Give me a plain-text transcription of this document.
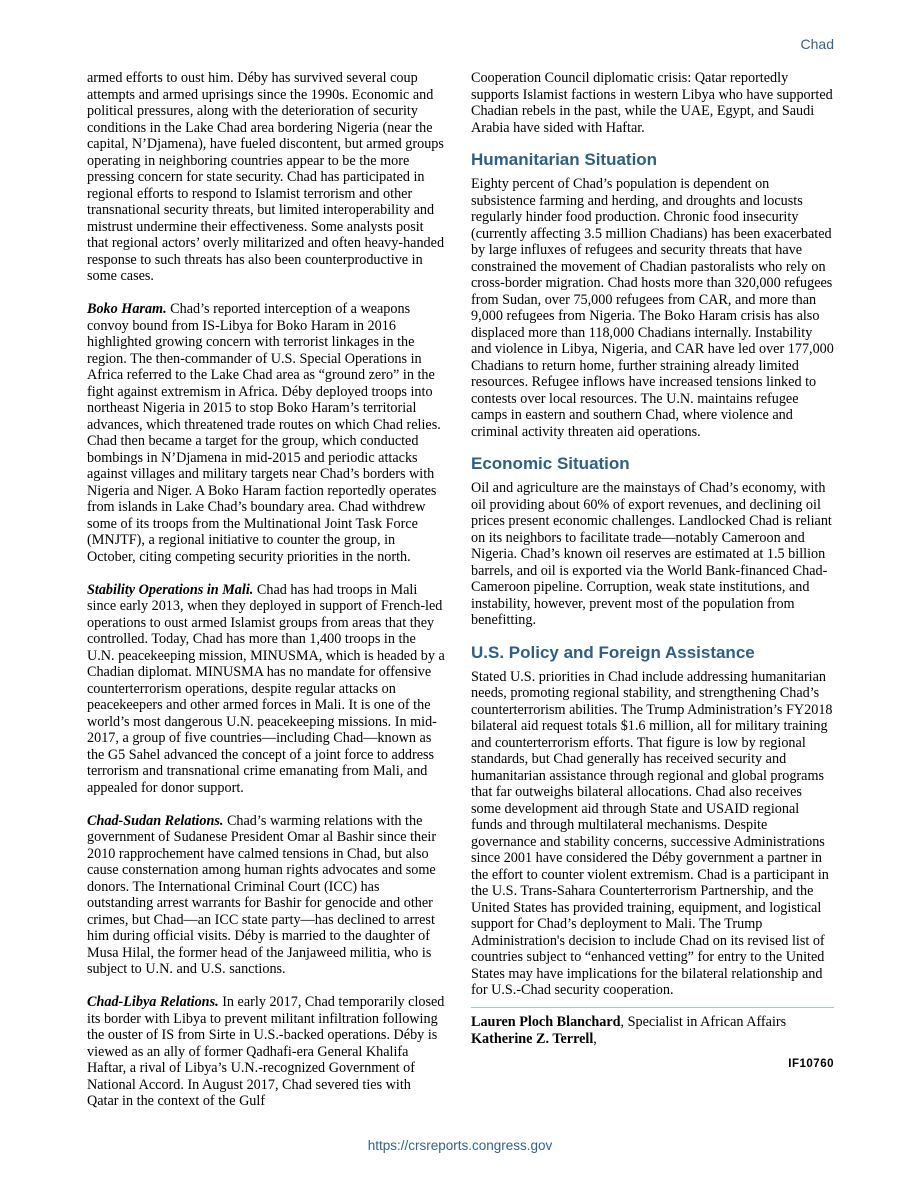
Chad

armed efforts to oust him. Déby has survived several coup attempts and armed uprisings since the 1990s. Economic and political pressures, along with the deterioration of security conditions in the Lake Chad area bordering Nigeria (near the capital, N’Djamena), have fueled discontent, but armed groups operating in neighboring countries appear to be the more pressing concern for state security. Chad has participated in regional efforts to respond to Islamist terrorism and other transnational security threats, but limited interoperability and mistrust undermine their effectiveness. Some analysts posit that regional actors’ overly militarized and often heavy-handed response to such threats has also been counterproductive in some cases.

Boko Haram. Chad’s reported interception of a weapons convoy bound from IS-Libya for Boko Haram in 2016 highlighted growing concern with terrorist linkages in the region. The then-commander of U.S. Special Operations in Africa referred to the Lake Chad area as “ground zero” in the fight against extremism in Africa. Déby deployed troops into northeast Nigeria in 2015 to stop Boko Haram’s territorial advances, which threatened trade routes on which Chad relies. Chad then became a target for the group, which conducted bombings in N’Djamena in mid-2015 and periodic attacks against villages and military targets near Chad’s borders with Nigeria and Niger. A Boko Haram faction reportedly operates from islands in Lake Chad’s boundary area. Chad withdrew some of its troops from the Multinational Joint Task Force (MNJTF), a regional initiative to counter the group, in October, citing competing security priorities in the north.

Stability Operations in Mali. Chad has had troops in Mali since early 2013, when they deployed in support of French-led operations to oust armed Islamist groups from areas that they controlled. Today, Chad has more than 1,400 troops in the U.N. peacekeeping mission, MINUSMA, which is headed by a Chadian diplomat. MINUSMA has no mandate for offensive counterterrorism operations, despite regular attacks on peacekeepers and other armed forces in Mali. It is one of the world’s most dangerous U.N. peacekeeping missions. In mid-2017, a group of five countries—including Chad—known as the G5 Sahel advanced the concept of a joint force to address terrorism and transnational crime emanating from Mali, and appealed for donor support.

Chad-Sudan Relations. Chad’s warming relations with the government of Sudanese President Omar al Bashir since their 2010 rapprochement have calmed tensions in Chad, but also cause consternation among human rights advocates and some donors. The International Criminal Court (ICC) has outstanding arrest warrants for Bashir for genocide and other crimes, but Chad—an ICC state party—has declined to arrest him during official visits. Déby is married to the daughter of Musa Hilal, the former head of the Janjaweed militia, who is subject to U.N. and U.S. sanctions.

Chad-Libya Relations. In early 2017, Chad temporarily closed its border with Libya to prevent militant infiltration following the ouster of IS from Sirte in U.S.-backed operations. Déby is viewed as an ally of former Qadhafi-era General Khalifa Haftar, a rival of Libya’s U.N.-recognized Government of National Accord. In August 2017, Chad severed ties with Qatar in the context of the Gulf

Cooperation Council diplomatic crisis: Qatar reportedly supports Islamist factions in western Libya who have supported Chadian rebels in the past, while the UAE, Egypt, and Saudi Arabia have sided with Haftar.

Humanitarian Situation

Eighty percent of Chad’s population is dependent on subsistence farming and herding, and droughts and locusts regularly hinder food production. Chronic food insecurity (currently affecting 3.5 million Chadians) has been exacerbated by large influxes of refugees and security threats that have constrained the movement of Chadian pastoralists who rely on cross-border migration. Chad hosts more than 320,000 refugees from Sudan, over 75,000 refugees from CAR, and more than 9,000 refugees from Nigeria. The Boko Haram crisis has also displaced more than 118,000 Chadians internally. Instability and violence in Libya, Nigeria, and CAR have led over 177,000 Chadians to return home, further straining already limited resources. Refugee inflows have increased tensions linked to contests over local resources. The U.N. maintains refugee camps in eastern and southern Chad, where violence and criminal activity threaten aid operations.

Economic Situation

Oil and agriculture are the mainstays of Chad’s economy, with oil providing about 60% of export revenues, and declining oil prices present economic challenges. Landlocked Chad is reliant on its neighbors to facilitate trade—notably Cameroon and Nigeria. Chad’s known oil reserves are estimated at 1.5 billion barrels, and oil is exported via the World Bank-financed Chad-Cameroon pipeline. Corruption, weak state institutions, and instability, however, prevent most of the population from benefitting.

U.S. Policy and Foreign Assistance

Stated U.S. priorities in Chad include addressing humanitarian needs, promoting regional stability, and strengthening Chad’s counterterrorism abilities. The Trump Administration’s FY2018 bilateral aid request totals $1.6 million, all for military training and counterterrorism efforts. That figure is low by regional standards, but Chad generally has received security and humanitarian assistance through regional and global programs that far outweighs bilateral allocations. Chad also receives some development aid through State and USAID regional funds and through multilateral mechanisms. Despite governance and stability concerns, successive Administrations since 2001 have considered the Déby government a partner in the effort to counter violent extremism. Chad is a participant in the U.S. Trans-Sahara Counterterrorism Partnership, and the United States has provided training, equipment, and logistical support for Chad’s deployment to Mali. The Trump Administration's decision to include Chad on its revised list of countries subject to “enhanced vetting” for entry to the United States may have implications for the bilateral relationship and for U.S.-Chad security cooperation.

Lauren Ploch Blanchard, Specialist in African Affairs
Katherine Z. Terrell,
IF10760
https://crsreports.congress.gov
